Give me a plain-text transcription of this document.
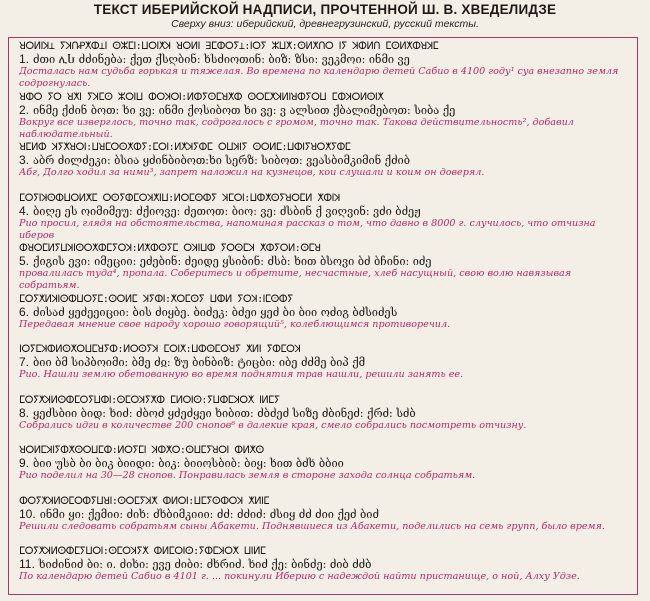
ТЕКСТ ИБЕРИЙСКОЙ НАДПИСИ, ПРОЧТЕННОЙ Ш. В. ХВЕДЕЛИДЗЕ
Сверху вниз: иберийский, древнегрузинский, русский тексты.
ꓤⵔⵍⵏꓘ⊥ ⵢꓘꓵꝒⵅⵀ⊥ⵏ ⵙⵣⵎⵏ:ⵡⵔⵏⵅꓘ ꓤⵔⵍⵏ ꓱⵎⵀⵔⵢ⊥:ⵏⵔⵢ ⵣⵡⵅ:ⵙⵍⵅꓵⵔ ⵏⵢ ꓘⵀⵍꓵ ⵎⵙⵍⵅⵀꓤꓘⵎ
1. ძთი ሊႱ ძძინება: ქეთ ქსღბინ: ხსძიოთინ: ბიზ: ზსი: ვეკმოი: ინმი ვე
Досталась нам судьба горькая и тяжелая. Во времена по календарю детей Сабио в 4100 году¹ суа внезапно земля содрогнулась.
ꓤⵀⵔ ⵢⵔ ꓤⵅⵏ ⵢꓘⵎⵙ ⵣⵔⵏⵡ ⵀⵔꓘⵔⵏ:ⵍⵀⵢⵙⵎꓤⵅⵀ ⵙⵔⵎⵅꓘⵍⵏꓤⵀⵢⵔⵡ ⵎⵀꓘⵔⵍⵙⵏⵅ
2. ინმე ქძინ ბოთ: ხი ვე: ინმი ქოსიბოთ ხი ვე: ვ ალსით ქბალიმებოთ: სიბა ქე
Вокруг все изверглось, точно так, содрогалось с громом, точно так. Такова действительность², добавил наблюдательный.
ꓤⵎⵍⵀ ꓘⵢⵅꓤⵔⵏ:ⵡꓤⵎⵔⵙⵅⵀⵢ:ⵎⵔⵏ:ⵍⵅꓘⵢⵀⵎ ⵔⵡꓘⵏⵢ ⵙⵔⵍⵎ:ⵡⵀⵏⵢꓤⵔⵅⵢⵀⵎ
3. აბრ ძილძეკი: ბსია ყძინბიბოთ:ხი სერზ: სიბოთ: ვეასბიმკიმინ ქძიბ
Абг, Долго ходил за ними³, запрет наложил на кузнецов, кои слушали и коим он доверял.
ⵎⵔⵢⵏꓘⵙⵀⵡⵔⵍⵅⵎ ⵔⵙⵢⵀⵎⵔꓘⵅⵏⵡ:ⵍⵔⵎⵙⵀⵢ ꓘⵎⵔⵏ:ⵡⵀⵅⵙⵢꓤⵔⵎⵍ ⵅⵀⵏꓘ
4. ბიღე ეს ოიმიმეუ: ძქიოვე: ძეთოთ: ბიო: ვე: ძსბინ ქ ვიღვინ: ვძი ბძეჟ
Рио просил, глядя на обстоятельства, напоминая рассказ о том, что давно в 8000 г. случилось, что отчизна иберов
ⵀꓤⵔⵎⵍⵢⵡꓘⵏⵙⵔⵅⵀⵎⵢⵔꓘ:ⵍⵅⵀⵙⵢⵎ ⵔꓘⵏⵡⵀ ⵢⵔⵙⵎꓘ ⵅⵀⵢⵔⵍ:ⵙⵎꓤ
5. ქიგის ევი: იმეციი: ეძებინ: ძეიდე ყსიბინ: ძსბ: ხით ბსოვი ბძ ბჩინი: იძე
провалилась туда⁴, пропала. Соберитесь и обретите, несчастные, хлеб насущный, свою волю навязывая собратьям.
ⵎⵔⵢⵅⵍꓘⵏⵙⵀⵡⵔⵢⵎ:ⵙⵔⵍⵎ ꓘⵢⵀⵏ:ⵅⵔⵎⵙⵢ ⵡⵀⵍ ⵢⵔꓘ:ⵏⵎⵙⵀⵢ
6. ძისაძ ყეძეეიციი: ბის ძიყბე. ბიძეკ: ბძეი ყეძ ბი ბიი ოძიგ ბძსიძეს
Передавая мнение свое народу хорошо говорящий⁵, колеблющимся противоречил.
ⵏⵔⵢⵎꓘⵀⵍⵙⵅⵔⵡⵎꓤⵢⵀ:ⵍⵔⵙⵢꓘ ⵎⵔⵏⵅ:ⵡⵀⵙⵎⵔꓤⵢ ⵅⵍⵏ ⵢⵀⵎⵔꓘ
7. ბიი ბმ სიპბოიმი: ბმე ძჲ: ზუ ბინბიზ: ტიცბი: იბე ძძმე ბიპ ქმ
Рио. Нашли землю обетованную во время поднятия трав нашли, решили занять ее.
ⵎⵔⵢⵅꓘⵍⵙⵀⵎⵔⵢⵡⵀⵏ:ⵙⵎⵔꓘⵢⵅⵀ ⵎⵍⵔⵏⵙ:ⵢⵡⵀⵎꓘⵔⵅ ⵏⵍⵎⵢ
8. ყეძსბიი ბიდ: ხიძ: ძბოძ ყძეძყეი ხიბით: ძბძეძ სიზე ძბინეძ: ქრძ: სძბ
Собрались идги в количестве 200 снопов⁶ в далекие края, смело собрались посмотреть отчизну.
ꓤⵔⵍⵎꓘⵏⵢⵀⵅⵙⵔⵡⵎⵀ:ⵍⵔⵢⵎⵏ ꓘⵀⵅⵔ:ⵙⵡⵎⵢꓤⵔⵏ ⵀⵍⵅⵙ
9. ბიი უსბ ბი ბიკ ბიიდი: ბიკ: ბიიოსბიბ: ბიყ: ხით ბძხ ბბიი
Рио поделил на 30—28 снопов. Понравилась земля в стороне захода солнца собратьям.
ⵀⵔⵢⵅꓘⵍⵙⵎⵔⵀⵢⵡꓤⵏ:ⵙⵔⵎⵢꓘⵅ ⵀⵍⵔⵏ:ⵡⵎⵢⵙⵀⵔꓘ ⵅⵍⵏⵎ
10. ინმი ყი: ქემიი: ძიხ: ძხბიმკიიი: ძძ: ძძიძ: ძსიყ ძძ ძიი ქეძ ბიძ
Решили следовать собратьям сыны Абакети. Поднявшиеся из Абакети, поделились на семь групп, было время.
ⵎⵔⵢⵅꓘⵍⵙⵀⵎⵢⵡⵔⵏ:ⵙⵎⵔꓘⵢⵅ ⵀⵍⵎⵔⵏⵙ:ⵢⵀⵎꓘⵔⵅ ⵡⵏⵍⵎ
11. ხიძინიძ ბი: ი. ძიხი: ევე ძიბი: ძხრიძ. ხიძ ქე: ბინძე: ძიბ ძძბ
По календарю детей Сабио в 4101 г. ... покинули Иберию с надеждой найти пристанище, о ной, Алху Удзе.
